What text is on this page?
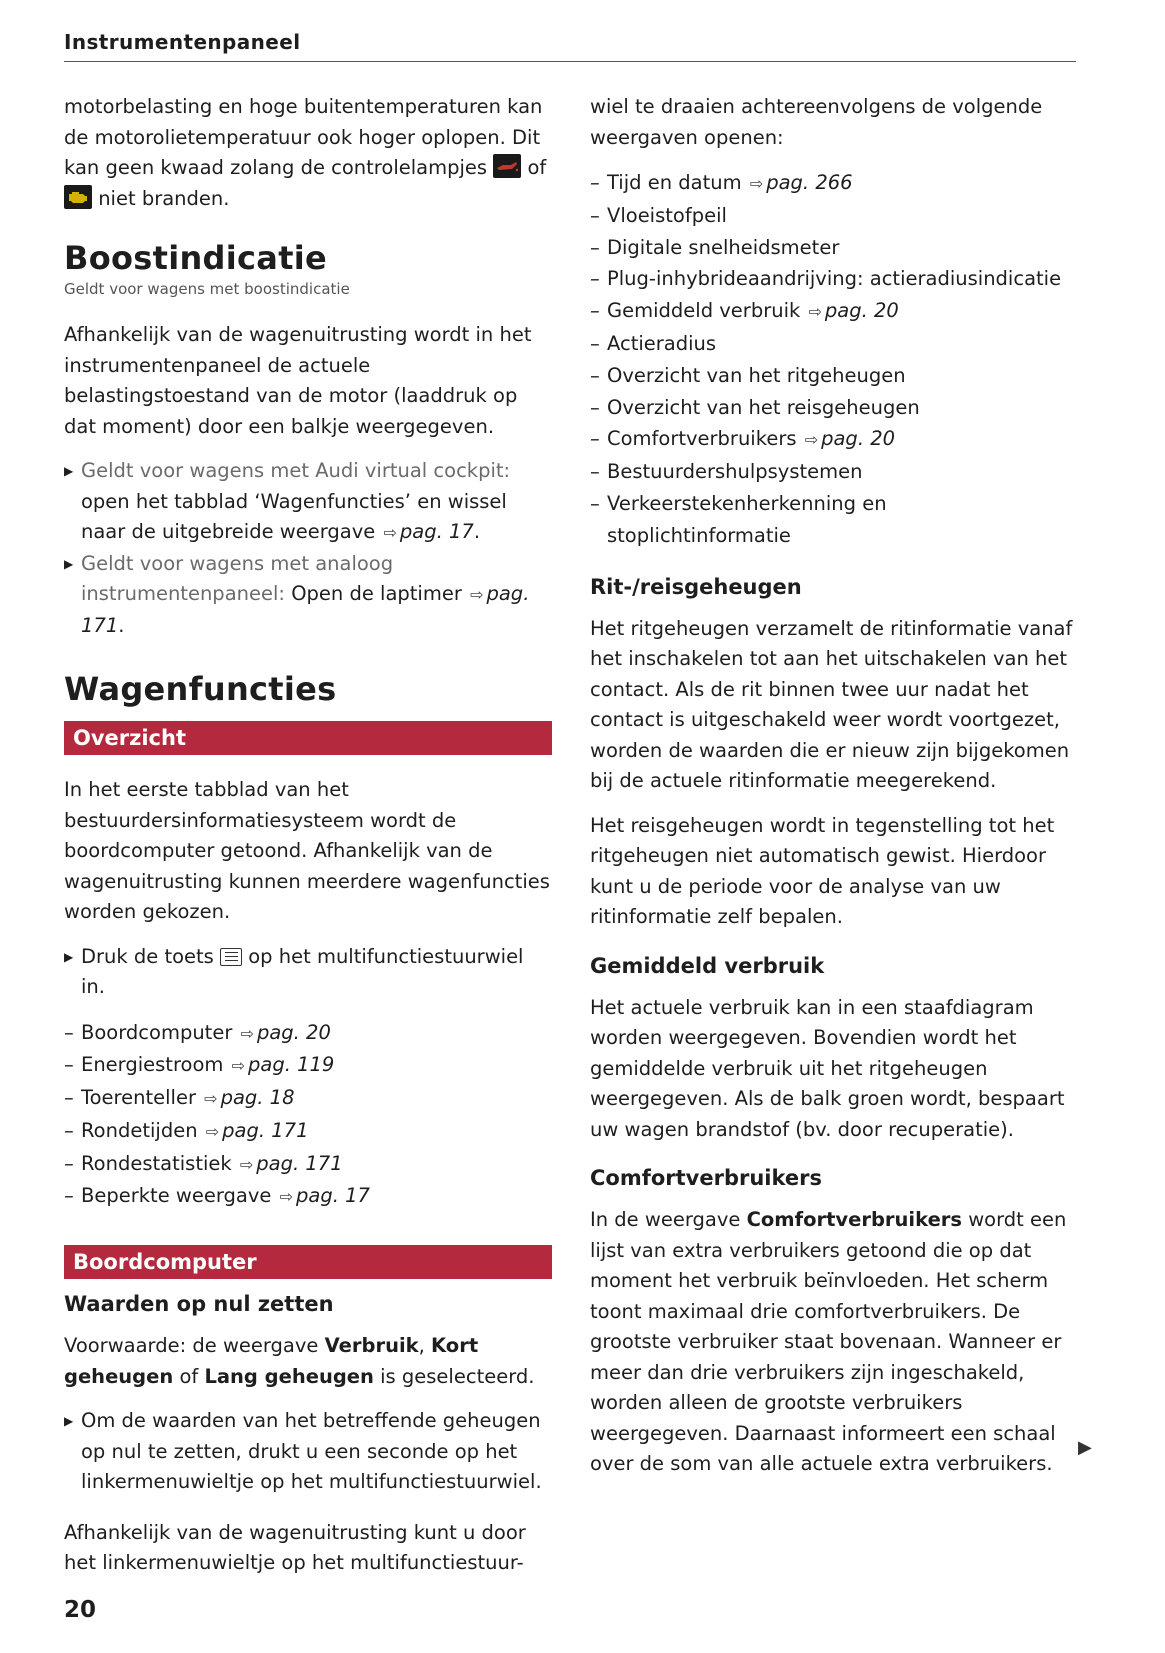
Instrumentenpaneel

motorbelasting en hoge buitentemperaturen kan de motorolietemperatuur ook hoger oplopen. Dit kan geen kwaad zolang de controlelampjes of
niet branden.

Boostindicatie
Geldt voor wagens met boostindicatie

Afhankelijk van de wagenuitrusting wordt in het instrumentenpaneel de actuele belastingstoestand van de motor (laaddruk op dat moment) door een balkje weergegeven.

▶ Geldt voor wagens met Audi virtual cockpit: open het tabblad ‘Wagenfuncties’ en wissel naar de uitgebreide weergave ⇨ pag. 17.
▶ Geldt voor wagens met analoog instrumentenpaneel: Open de laptimer ⇨ pag. 171.
Wagenfuncties
Overzicht

In het eerste tabblad van het bestuurdersinformatiesysteem wordt de boordcomputer getoond. Afhankelijk van de wagenuitrusting kunnen meerdere wagenfuncties worden gekozen.

▶ Druk de toets op het multifunctiestuurwiel in.
– Boordcomputer ⇨ pag. 20
– Energiestroom ⇨ pag. 119
– Toerenteller ⇨ pag. 18
– Rondetijden ⇨ pag. 171
– Rondestatistiek ⇨ pag. 171
– Beperkte weergave ⇨ pag. 17
Boordcomputer
Waarden op nul zetten

Voorwaarde: de weergave Verbruik, Kort geheugen of Lang geheugen is geselecteerd.

▶ Om de waarden van het betreffende geheugen op nul te zetten, drukt u een seconde op het linkermenuwieltje op het multifunctiestuurwiel.

Afhankelijk van de wagenuitrusting kunt u door het linkermenuwieltje op het multifunctiestuur-

wiel te draaien achtereenvolgens de volgende weergaven openen:

– Tijd en datum ⇨ pag. 266
– Vloeistofpeil
– Digitale snelheidsmeter
– Plug-inhybrideaandrijving: actieradiusindicatie
– Gemiddeld verbruik ⇨ pag. 20
– Actieradius
– Overzicht van het ritgeheugen
– Overzicht van het reisgeheugen
– Comfortverbruikers ⇨ pag. 20
– Bestuurdershulpsystemen
– Verkeerstekenherkenning en stoplichtinformatie
Rit-/reisgeheugen

Het ritgeheugen verzamelt de ritinformatie vanaf het inschakelen tot aan het uitschakelen van het contact. Als de rit binnen twee uur nadat het contact is uitgeschakeld weer wordt voortgezet, worden de waarden die er nieuw zijn bijgekomen bij de actuele ritinformatie meegerekend.

Het reisgeheugen wordt in tegenstelling tot het ritgeheugen niet automatisch gewist. Hierdoor kunt u de periode voor de analyse van uw ritinformatie zelf bepalen.

Gemiddeld verbruik

Het actuele verbruik kan in een staafdiagram worden weergegeven. Bovendien wordt het gemiddelde verbruik uit het ritgeheugen weergegeven. Als de balk groen wordt, bespaart uw wagen brandstof (bv. door recuperatie).

Comfortverbruikers

In de weergave Comfortverbruikers wordt een lijst van extra verbruikers getoond die op dat moment het verbruik beïnvloeden. Het scherm toont maximaal drie comfortverbruikers. De grootste verbruiker staat bovenaan. Wanneer er meer dan drie verbruikers zijn ingeschakeld, worden alleen de grootste verbruikers weergegeven. Daarnaast informeert een schaal over de som van alle actuele extra verbruikers.

▶
20
